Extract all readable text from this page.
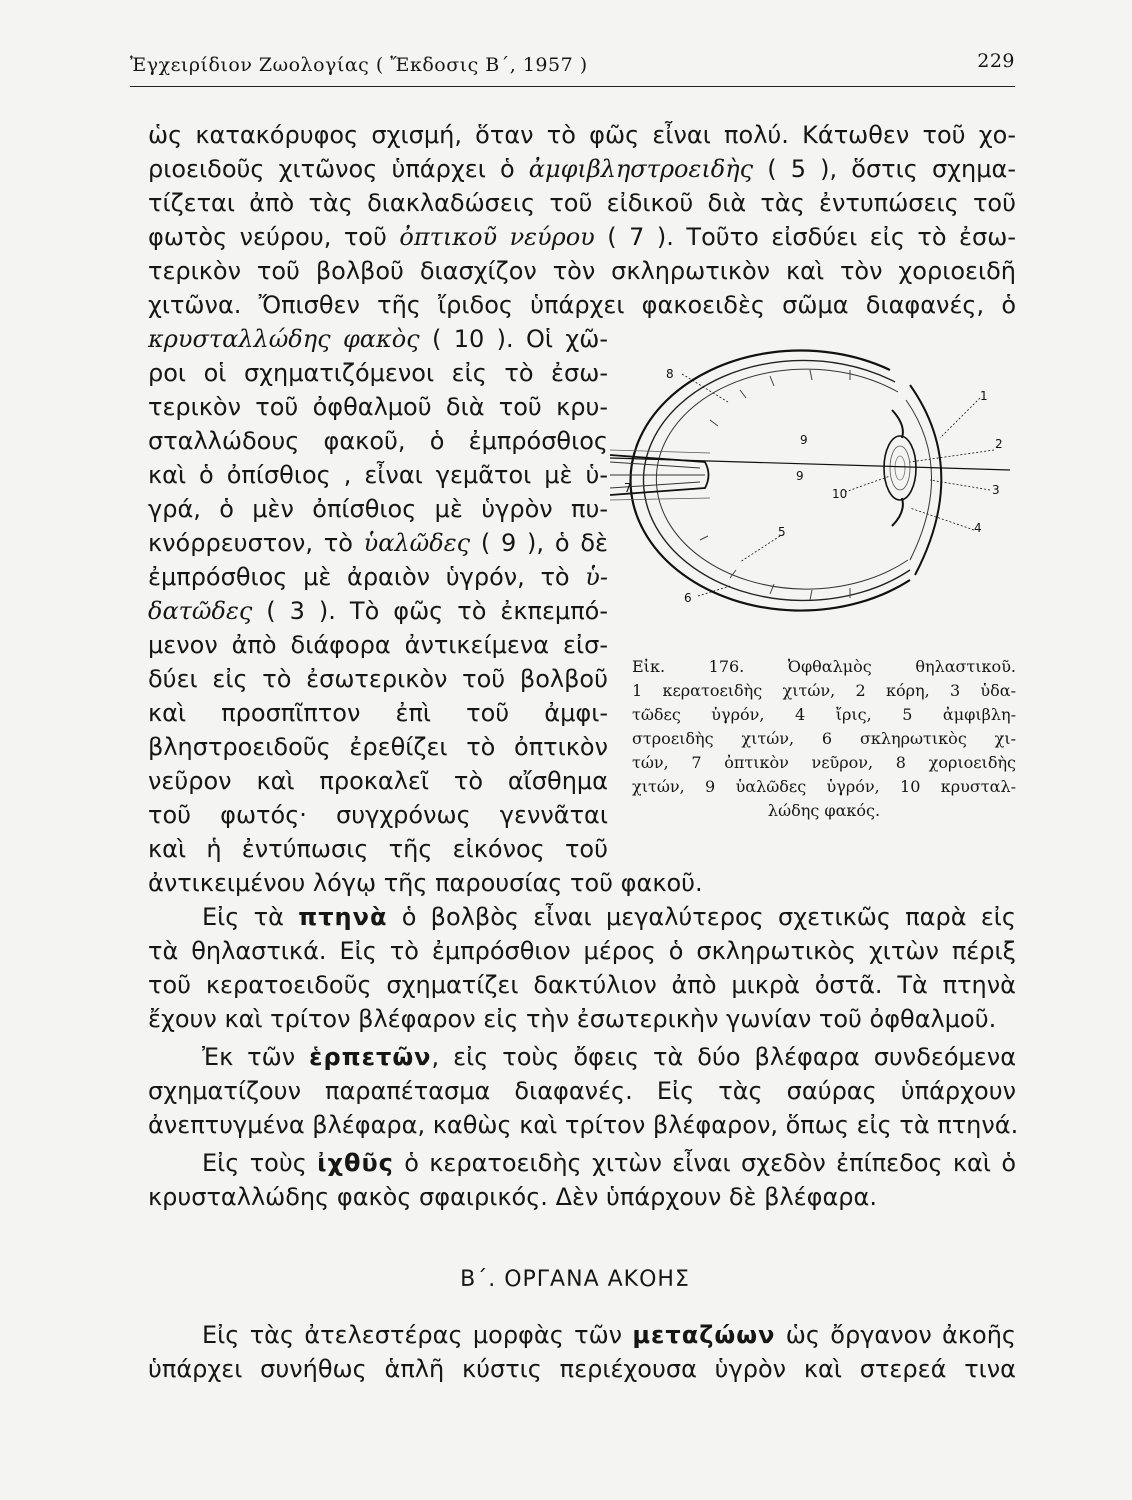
Ἐγχειρίδιον Ζωολογίας ( Ἔκδοσις Β΄, 1957 )	229
ὡς κατακόρυφος σχισμή, ὅταν τὸ φῶς εἶναι πολύ. Κάτωθεν τοῦ χο-
ριοειδοῦς χιτῶνος ὑπάρχει ὁ ἀμφιβληστροειδὴς ( 5 ), ὅστις σχημα-
τίζεται ἀπὸ τὰς διακλαδώσεις τοῦ εἰδικοῦ διὰ τὰς ἐντυπώσεις τοῦ
φωτὸς νεύρου, τοῦ ὀπτικοῦ νεύρου ( 7 ). Τοῦτο εἰσδύει εἰς τὸ ἐσω-
τερικὸν τοῦ βολβοῦ διασχίζον τὸν σκληρωτικὸν καὶ τὸν χοριοειδῆ
χιτῶνα. Ὄπισθεν τῆς ἴριδος ὑπάρχει φακοειδὲς σῶμα διαφανές, ὁ
κρυσταλλώδης φακὸς ( 10 ). Οἱ χῶ-
ροι οἱ σχηματιζόμενοι εἰς τὸ ἐσω-
τερικὸν τοῦ ὀφθαλμοῦ διὰ τοῦ κρυ-
σταλλώδους φακοῦ, ὁ ἐμπρόσθιος
καὶ ὁ ὀπίσθιος , εἶναι γεμᾶτοι μὲ ὑ-
γρά, ὁ μὲν ὀπίσθιος μὲ ὑγρὸν πυ-
κνόρρευστον, τὸ ὑαλῶδες ( 9 ), ὁ δὲ
ἐμπρόσθιος μὲ ἀραιὸν ὑγρόν, τὸ ὑ-
δατῶδες ( 3 ). Τὸ φῶς τὸ ἐκπεμπό-
μενον ἀπὸ διάφορα ἀντικείμενα εἰσ-
δύει εἰς τὸ ἐσωτερικὸν τοῦ βολβοῦ
καὶ προσπῖπτον ἐπὶ τοῦ ἀμφι-
βληστροειδοῦς ἐρεθίζει τὸ ὀπτικὸν
νεῦρον καὶ προκαλεῖ τὸ αἴσθημα
τοῦ φωτός· συγχρόνως γεννᾶται
καὶ ἡ ἐντύπωσις τῆς εἰκόνος τοῦ
ἀντικειμένου λόγῳ τῆς παρουσίας τοῦ φακοῦ.
Εἰς τὰ πτηνὰ ὁ βολβὸς εἶναι μεγαλύτερος σχετικῶς παρὰ εἰς
τὰ θηλαστικά. Εἰς τὸ ἐμπρόσθιον μέρος ὁ σκληρωτικὸς χιτὼν πέριξ
τοῦ κερατοειδοῦς σχηματίζει δακτύλιον ἀπὸ μικρὰ ὀστᾶ. Τὰ πτηνὰ
ἔχουν καὶ τρίτον βλέφαρον εἰς τὴν ἐσωτερικὴν γωνίαν τοῦ ὀφθαλμοῦ.
Ἐκ τῶν ἑρπετῶν, εἰς τοὺς ὄφεις τὰ δύο βλέφαρα συνδεόμενα
σχηματίζουν παραπέτασμα διαφανές. Εἰς τὰς σαύρας ὑπάρχουν
ἀνεπτυγμένα βλέφαρα, καθὼς καὶ τρίτον βλέφαρον, ὅπως εἰς τὰ πτηνά.
Εἰς τοὺς ἰχθῦς ὁ κερατοειδὴς χιτὼν εἶναι σχεδὸν ἐπίπεδος καὶ ὁ
κρυσταλλώδης φακὸς σφαιρικός. Δὲν ὑπάρχουν δὲ βλέφαρα.
Β΄. ΟΡΓΑΝΑ ΑΚΟΗΣ
Εἰς τὰς ἀτελεστέρας μορφὰς τῶν μεταζώων ὡς ὄργανον ἀκοῆς
ὑπάρχει συνήθως ἁπλῆ κύστις περιέχουσα ὑγρὸν καὶ στερεά τινα
8
1
9	2
9
7	10	3
4
5
6
Εἰκ. 176. Ὀφθαλμὸς θηλαστικοῦ.
1 κερατοειδὴς χιτών, 2 κόρη, 3 ὑδα-
τῶδες ὑγρόν, 4 ἴρις, 5 ἀμφιβλη-
στροειδὴς χιτών, 6 σκληρωτικὸς χι-
τών, 7 ὀπτικὸν νεῦρον, 8 χοριοειδὴς
χιτών, 9 ὑαλῶδες ὑγρόν, 10 κρυσταλ-
λώδης φακός.
